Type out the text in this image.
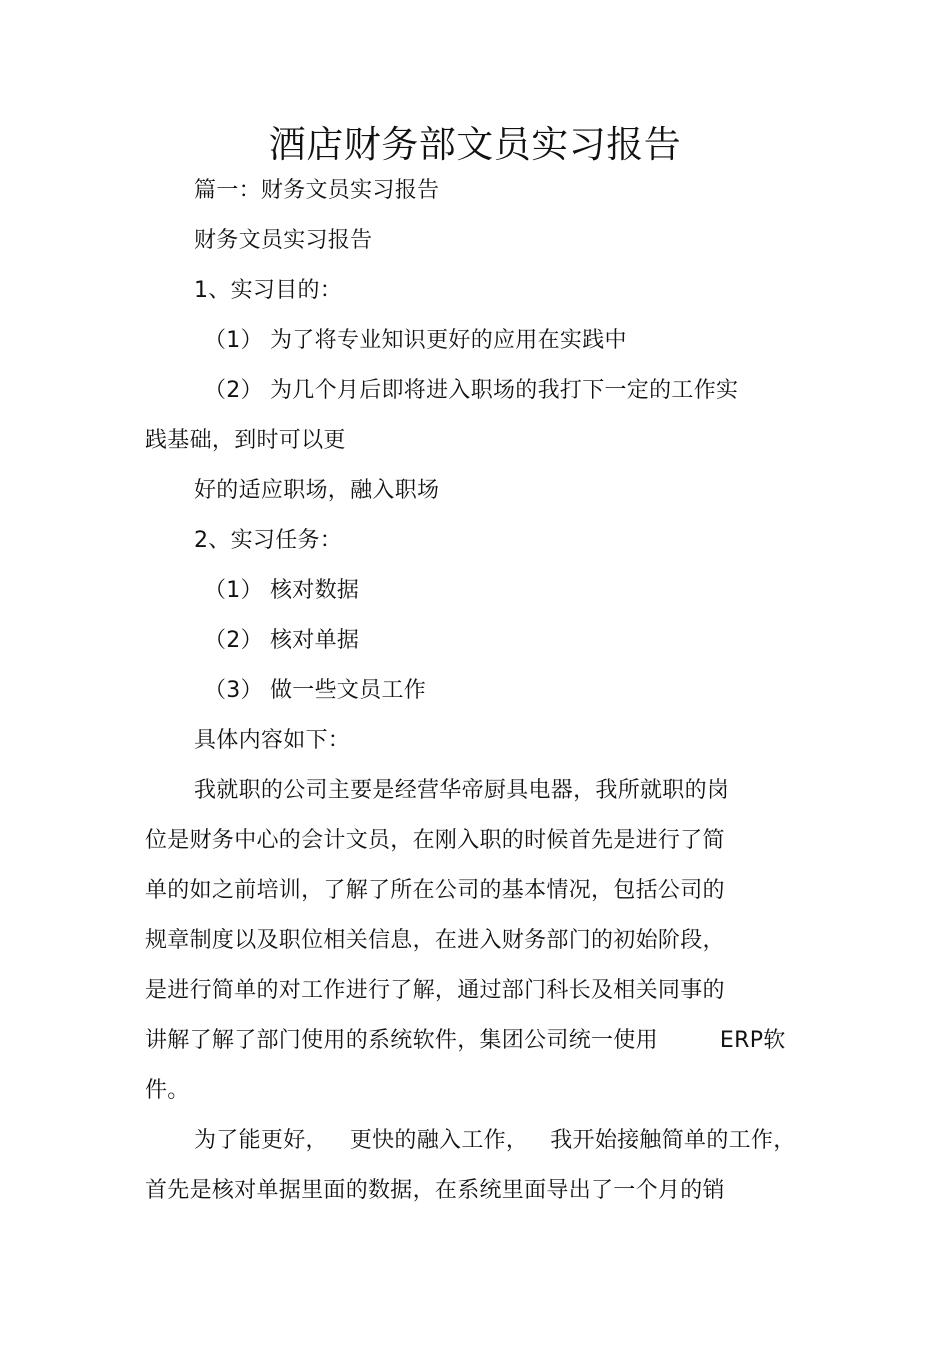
酒店财务部文员实习报告
篇一：财务文员实习报告
财务文员实习报告
1、实习目的：
（1） 为了将专业知识更好的应用在实践中
（2） 为几个月后即将进入职场的我打下一定的工作实
践基础，到时可以更
好的适应职场，融入职场
2、实习任务：
（1） 核对数据
（2） 核对单据
（3） 做一些文员工作
具体内容如下：
我就职的公司主要是经营华帝厨具电器，我所就职的岗
位是财务中心的会计文员，在刚入职的时候首先是进行了简
单的如之前培训，了解了所在公司的基本情况，包括公司的
规章制度以及职位相关信息，在进入财务部门的初始阶段，
是进行简单的对工作进行了解，通过部门科长及相关同事的
讲解了解了部门使用的系统软件，集团公司统一使用	ERP软
件。
为了能更好， 更快的融入工作， 我开始接触简单的工作，
首先是核对单据里面的数据，在系统里面导出了一个月的销
